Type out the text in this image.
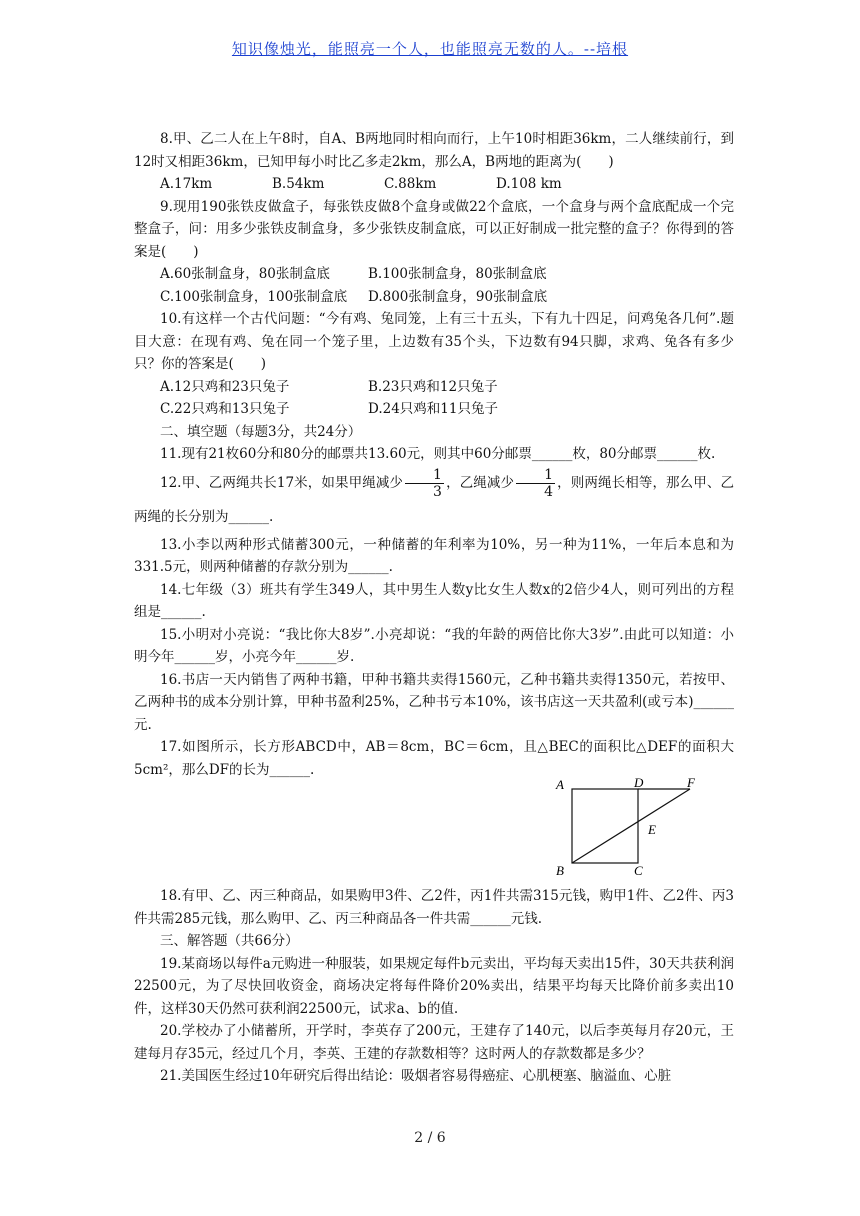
知识像烛光，能照亮一个人，也能照亮无数的人。--培根

8.甲、乙二人在上午8时，自A、B两地同时相向而行，上午10时相距36km，二人继续前行，到12时又相距36km，已知甲每小时比乙多走2km，那么A，B两地的距离为(　　)

A.17km	B.54km	C.88km	D.108 km

9.现用190张铁皮做盒子，每张铁皮做8个盒身或做22个盒底，一个盒身与两个盒底配成一个完整盒子，问：用多少张铁皮制盒身，多少张铁皮制盒底，可以正好制成一批完整的盒子？你得到的答案是(　　)

A.60张制盒身，80张制盒底	B.100张制盒身，80张制盒底
C.100张制盒身，100张制盒底	D.800张制盒身，90张制盒底

10.有这样一个古代问题：“今有鸡、兔同笼，上有三十五头，下有九十四足，问鸡兔各几何”.题目大意：在现有鸡、兔在同一个笼子里，上边数有35个头，下边数有94只脚，求鸡、兔各有多少只？你的答案是(　　)

A.12只鸡和23只兔子	B.23只鸡和12只兔子
C.22只鸡和13只兔子	D.24只鸡和11只兔子

二、填空题（每题3分，共24分）

11.现有21枚60分和80分的邮票共13.60元，则其中60分邮票______枚，80分邮票______枚.

12.甲、乙两绳共长17米，如果甲绳减少 $\frac{1}{3}$ ，乙绳减少 $\frac{1}{4}$ ，则两绳长相等，那么甲、乙两绳的长分别为______.

13.小李以两种形式储蓄300元，一种储蓄的年利率为10%，另一种为11%，一年后本息和为331.5元，则两种储蓄的存款分别为______.

14.七年级（3）班共有学生349人，其中男生人数y比女生人数x的2倍少4人，则可列出的方程组是______.

15.小明对小亮说：“我比你大8岁”.小亮却说：“我的年龄的两倍比你大3岁”.由此可以知道：小明今年______岁，小亮今年______岁.

16.书店一天内销售了两种书籍，甲种书籍共卖得1560元，乙种书籍共卖得1350元，若按甲、乙两种书的成本分别计算，甲种书盈利25%，乙种书亏本10%，该书店这一天共盈利(或亏本)______元.

17.如图所示，长方形ABCD中，AB＝8cm，BC＝6cm，且△BEC的面积比△DEF的面积大5cm²，那么DF的长为______.

A	D	F
E
B	C

18.有甲、乙、丙三种商品，如果购甲3件、乙2件，丙1件共需315元钱，购甲1件、乙2件、丙3件共需285元钱，那么购甲、乙、丙三种商品各一件共需______元钱.

三、解答题（共66分）

19.某商场以每件a元购进一种服装，如果规定每件b元卖出，平均每天卖出15件，30天共获利润22500元，为了尽快回收资金，商场决定将每件降价20%卖出，结果平均每天比降价前多卖出10件，这样30天仍然可获利润22500元，试求a、b的值.

20.学校办了小储蓄所，开学时，李英存了200元，王建存了140元，以后李英每月存20元，王建每月存35元，经过几个月，李英、王建的存款数相等？这时两人的存款数都是多少？

21.美国医生经过10年研究后得出结论：吸烟者容易得癌症、心肌梗塞、脑溢血、心脏

2 / 6
